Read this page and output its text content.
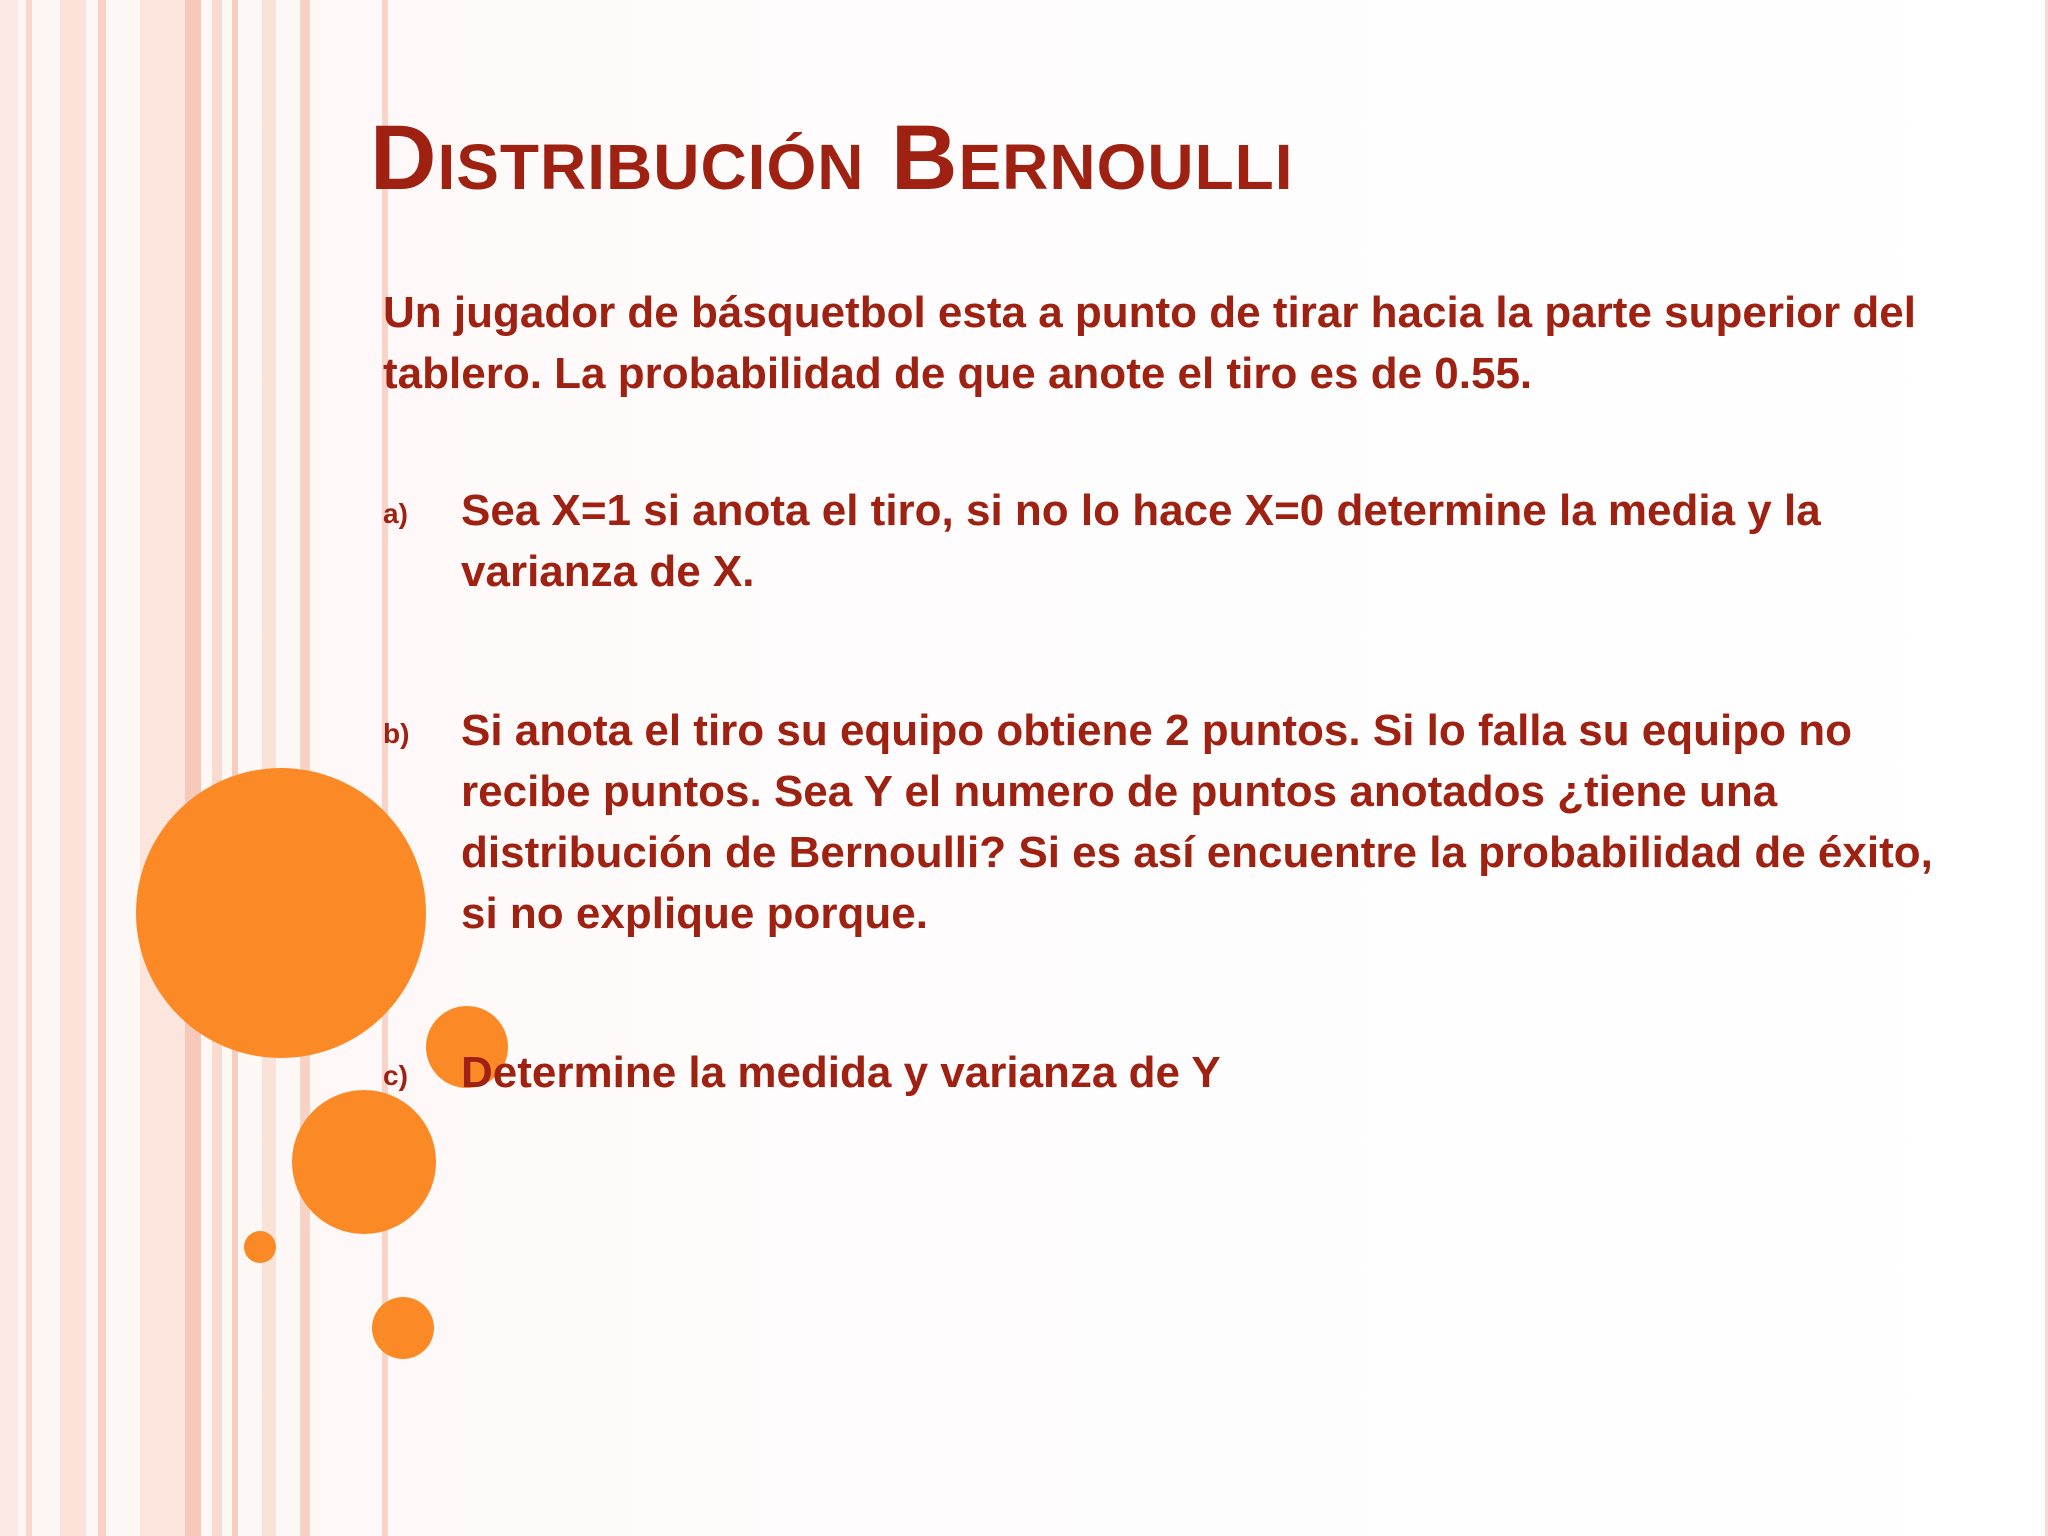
Distribución Bernoulli

Un jugador de básquetbol esta a punto de tirar hacia la parte superior del tablero. La probabilidad de que anote el tiro es de 0.55.

a) Sea X=1 si anota el tiro, si no lo hace X=0 determine la media y la varianza de X.
b) Si anota el tiro su equipo obtiene 2 puntos. Si lo falla su equipo no recibe puntos. Sea Y el numero de puntos anotados ¿tiene una distribución de Bernoulli? Si es así encuentre la probabilidad de éxito, si no explique porque.
c) Determine la medida y varianza de Y
